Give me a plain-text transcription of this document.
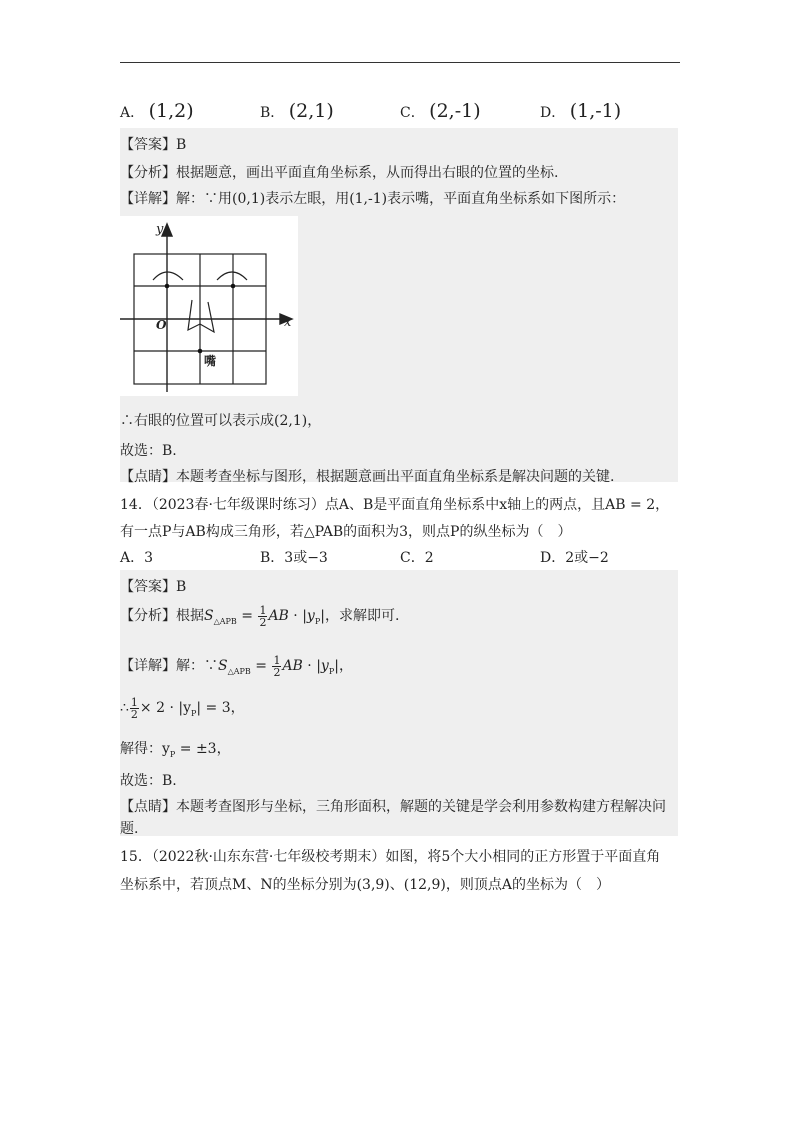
A． (1,2)	B． (2,1)	C． (2,-1)	D． (1,-1)
【答案】B
【分析】根据题意，画出平面直角坐标系，从而得出右眼的位置的坐标.
【详解】解：∵用(0,1)表示左眼，用(1,-1)表示嘴，平面直角坐标系如下图所示：
y
x
O
嘴
∴右眼的位置可以表示成(2,1)，
故选：B.
【点睛】本题考查坐标与图形，根据题意画出平面直角坐标系是解决问题的关键.
14．（2023春·七年级课时练习）点A、B是平面直角坐标系中x轴上的两点，且AB = 2，
有一点P与AB构成三角形，若△PAB的面积为3，则点P的纵坐标为（　）
A．3	B．3或−3	C．2	D．2或−2
【答案】B
【分析】根据$S_{\triangle APB} = \frac{1}{2}$ AB · $|y_P|$，求解即可.
【详解】解：$\because S_{\triangle APB} = \frac{1}{2}$ AB · $|y_P|$，
∴ $\frac{1}{2} \times 2 \cdot |y_P| = 3$，
解得：$y_P = \pm 3$，
故选：B.
【点睛】本题考查图形与坐标，三角形面积，解题的关键是学会利用参数构建方程解决问
题.
15．（2022秋·山东东营·七年级校考期末）如图，将5个大小相同的正方形置于平面直角
坐标系中，若顶点M、N的坐标分别为(3,9)、(12,9)，则顶点A的坐标为（　）
